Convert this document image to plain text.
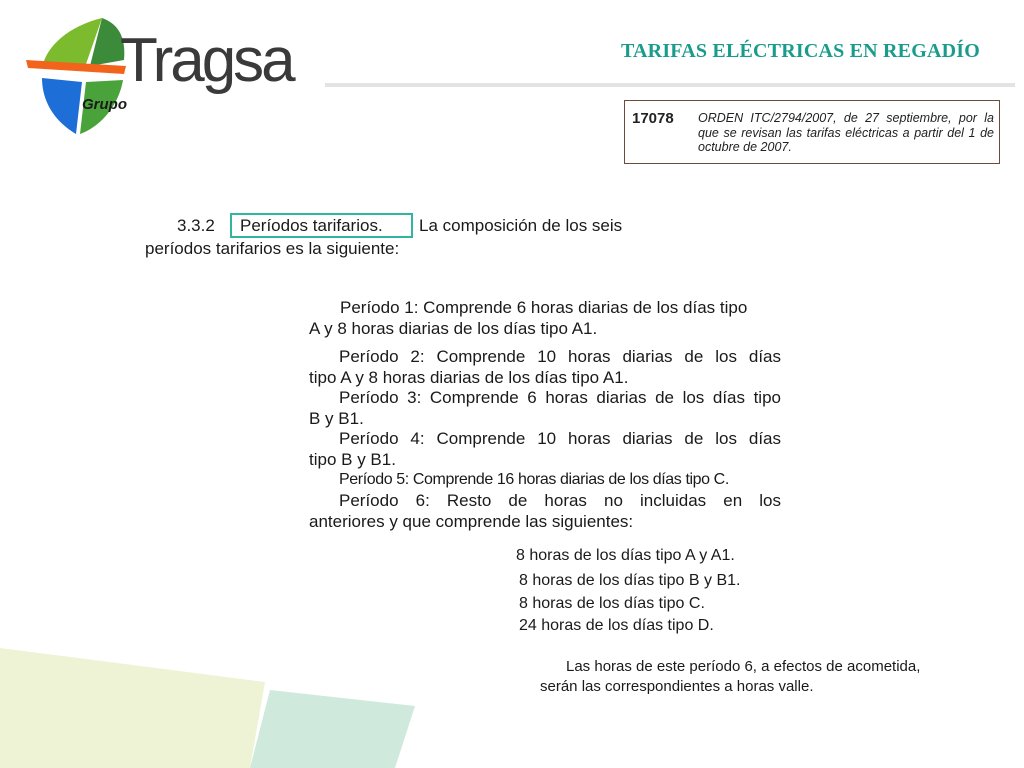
Tragsa
Grupo
TARIFAS ELÉCTRICAS EN REGADÍO
17078 ORDEN ITC/2794/2007, de 27 septiembre, por la que se revisan las tarifas eléctricas a partir del 1 de octubre de 2007.
3.3.2 Períodos tarifarios. La composición de los seis
períodos tarifarios es la siguiente:
Período 1: Comprende 6 horas diarias de los días tipo
A y 8 horas diarias de los días tipo A1.
Período 2: Comprende 10 horas diarias de los días
tipo A y 8 horas diarias de los días tipo A1.
Período 3: Comprende 6 horas diarias de los días tipo
B y B1.
Período 4: Comprende 10 horas diarias de los días
tipo B y B1.
Período 5: Comprende 16 horas diarias de los días tipo C.
Período 6: Resto de horas no incluidas en los
anteriores y que comprende las siguientes:
8 horas de los días tipo A y A1.
8 horas de los días tipo B y B1.
8 horas de los días tipo C.
24 horas de los días tipo D.
Las horas de este período 6, a efectos de acometida,
serán las correspondientes a horas valle.
